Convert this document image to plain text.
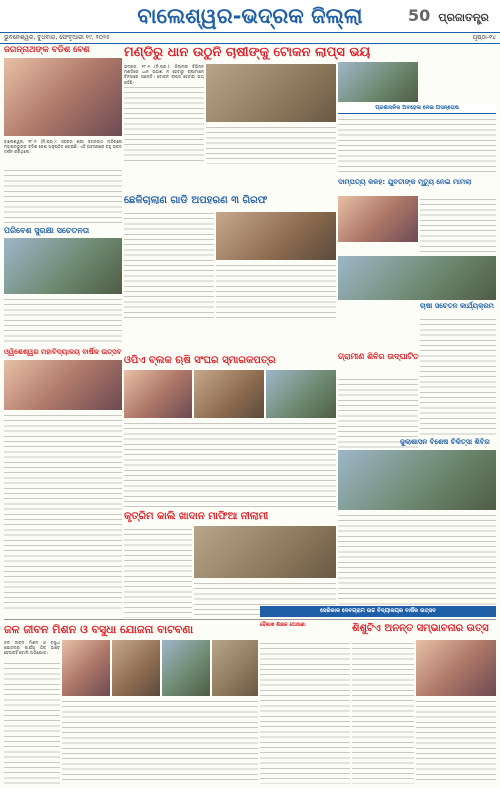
ବାଲେଶ୍ୱର-ଭଦ୍ରକ ଜିଲ୍ଲା	50 ପ୍ରଜାତନ୍ତ୍ର
ଭୁବନେଶ୍ୱର, ବୁଧବାର, ଫେବୃଆରୀ ୧୯, ୨୦୨୫	ପୃଷ୍ଠା-୧୪
ଜଗନ୍ନାଥଙ୍କ ବଡିଶ ବେଶ
ବାଲେଶ୍ୱର, ୧୮।୨ (ନି.ପ୍ର.): ସହରର ଶ୍ରୀ ଜଗନ୍ନାଥ ମନ୍ଦିରରେ ମହାପ୍ରଭୁଙ୍କ ବଡିଶ ବେଶ ଅନୁଷ୍ଠିତ ହୋଇଛି। ଏହି ଅବସରରେ ବହୁ ଭକ୍ତ ଦର୍ଶନ କରିଥିଲେ।
ମଣ୍ଡିରୁ ଧାନ ଉଠୁନି ଚାଷୀଙ୍କୁ ଟୋକନ ଲାପ୍ସ ଭୟ
ଭଦ୍ରକ, ୧୮।୨ (ନି.ପ୍ର.): ଜିଲ୍ଲାର ବିଭିନ୍ନ ମଣ୍ଡିରେ ଧାନ ଉଠାଣ ନ ହେବାରୁ ଚାଷୀମାନେ ଚିନ୍ତାରେ ଅଛନ୍ତି। ଟୋକନ ଲାପ୍ସ ହେବାର ଭୟ ରହିଛି।
ପ୍ରଶାସନିକ ଅବହେଳା ନେଇ ଅସନ୍ତୋଷ
ଛେଳିଚାଲାଣ ଗାଡି ଅପହରଣ ୩ ଗିରଫ
ଦାମ୍ପତ୍ୟ କଳହ: ଯୁବତୀଙ୍କ ମୃତ୍ୟୁ ନେଇ ମାମଲା
ଚାଷୀ ସଚେତନ କାର୍ଯ୍ୟକ୍ରମ
ପରିବେଶ ସୁରକ୍ଷା ସଚେତନତା
ଓ୍ୱିଶେଶ୍ୱର ମହାବିଦ୍ୟାଳୟ ବାର୍ଷିକ ଉତ୍ସବ
ଓପିଏ ବ୍ଲକ ଋଷି ସଂଘର ସ୍ମାରକପତ୍ର	ଗ୍ରାମୀଣ ଶିବିର ଉଦ୍‌ଘାଟିତ
କୃତ୍ରିମ କାଲି ଖାଦାନ ମାଫିଆ ନୀଲାମୀ
ଜୁଲାଶାସନ ବିଶେଷ ଚିକିତ୍ସା ଶିବିର
ଜଳ ଜୀବନ ମିଶନ ଓ ବସୁଧା ଯୋଜନା ବାଟବଣା
ଜଳ ଜୀବନ ମିଶନ ଓ ବସୁଧା ଯୋଜନାର କାର୍ଯ୍ୟ ଠିକ୍ ଭାବେ ହେଉନାହିଁ ବୋଲି ଅଭିଯୋଗ।
ବୈଶାଖ ଶିକ୍ଷକ ଘୋଷଣା
ସେରିକାଳ ଦେବଗ୍ରାମ ଉଚ୍ଚ ବିଦ୍ୟାଳୟର ବାର୍ଷିକ ଉତ୍ସବ
ଶିଶୁଟିଏ ଅନନ୍ତ ସମ୍ଭାବନାର ଉତ୍ସ
